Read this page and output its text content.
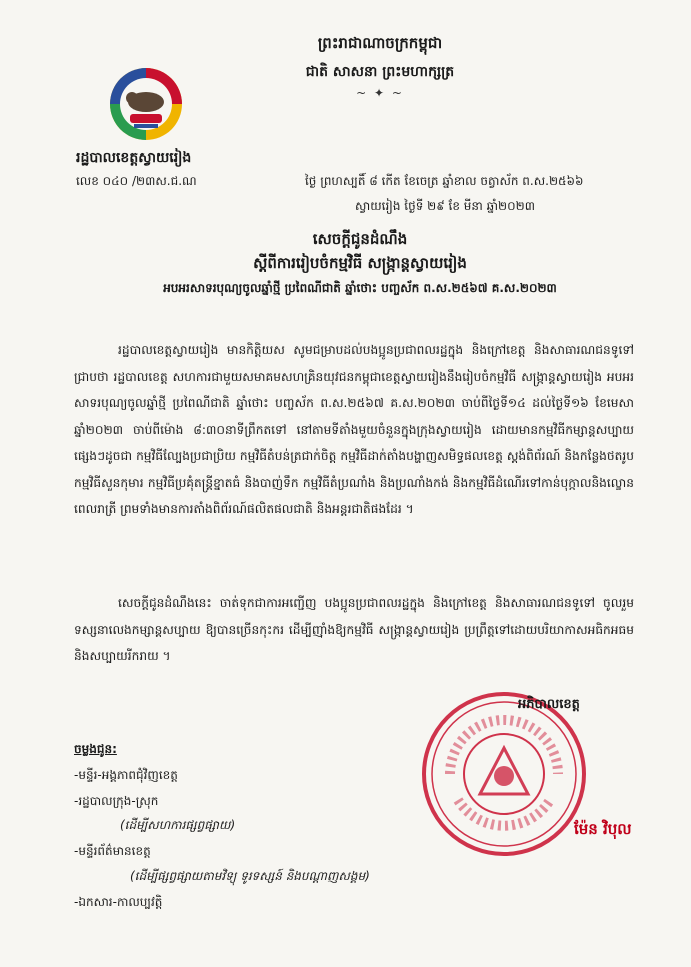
ព្រះរាជាណាចក្រកម្ពុជា
ជាតិ សាសនា ព្រះមហាក្សត្រ
~ ✦ ~
រដ្ឋបាលខេត្តស្វាយរៀង
លេខ ០៤០ /២៣ស.ជ.ណ	ថ្ងៃ ព្រហស្បតិ៍ ៨ កើត ខែចេត្រ ឆ្នាំខាល ចត្វាស័ក ព.ស.២៥៦៦
ស្វាយរៀង ថ្ងៃទី ២៩ ខែ មីនា ឆ្នាំ២០២៣
សេចក្តីជូនដំណឹង
ស្តីពីការរៀបចំកម្មវិធី សង្ក្រាន្តស្វាយរៀង
អបអរសាទរបុណ្យចូលឆ្នាំថ្មី ប្រពៃណីជាតិ ឆ្នាំថោះ បញ្ចស័ក ព.ស.២៥៦៧ គ.ស.២០២៣
រដ្ឋបាលខេត្តស្វាយរៀង មានកិត្តិយស សូមជម្រាបដល់បងប្អូនប្រជាពលរដ្ឋក្នុង និងក្រៅខេត្ត និងសាធារណជនទូទៅ ជ្រាបថា រដ្ឋបាលខេត្ត សហការជាមួយសមាគមសហគ្រិនយុវជនកម្ពុជាខេត្តស្វាយរៀងនឹងរៀបចំកម្មវិធី សង្ក្រាន្តស្វាយរៀង អបអរសាទរបុណ្យចូលឆ្នាំថ្មី ប្រពៃណីជាតិ ឆ្នាំថោះ បញ្ចស័ក ព.ស.២៥៦៧ គ.ស.២០២៣ ចាប់ពីថ្ងៃទី១៤ ដល់ថ្ងៃទី១៦ ខែមេសា ឆ្នាំ២០២៣ ចាប់ពីម៉ោង ៨:៣០នាទីព្រឹកតទៅ នៅតាមទីតាំងមួយចំនួនក្នុងក្រុងស្វាយរៀង ដោយមានកម្មវិធីកម្សាន្តសប្បាយផ្សេងៗដូចជា កម្មវិធីល្បែងប្រជាប្រិយ កម្មវិធីតំបន់ត្រជាក់ចិត្ត កម្មវិធីដាក់តាំងបង្ហាញសមិទ្ធផលខេត្ត ស្តង់ពិព័រណ៍ និងកន្លែងថតរូប កម្មវិធីសួនកុមារ កម្មវិធីប្រគុំតន្ត្រីខ្នាតធំ និងបាញ់ទឹក កម្មវិធីតំប្រណាំង និងប្រណាំងកង់ និងកម្មវិធីដំណើរទៅកាន់បុក្កាលនិងល្ខោនពេលរាត្រី ព្រមទាំងមានការតាំងពិព័រណ៍ផលិតផលជាតិ និងអន្តរជាតិផងដែរ ។
សេចក្តីជូនដំណឹងនេះ ចាត់ទុកជាការអញ្ជើញ បងប្អូនប្រជាពលរដ្ឋក្នុង និងក្រៅខេត្ត និងសាធារណជនទូទៅ ចូលរួមទស្សនាលេងកម្សាន្តសប្បាយ ឱ្យបានច្រើនកុះករ ដើម្បីញ៉ាំងឱ្យកម្មវិធី សង្ក្រាន្តស្វាយរៀង ប្រព្រឹត្តទៅដោយបរិយាកាសអធិកអធម និងសប្បាយរីករាយ ។
អភិបាលខេត្ត
ម៉ែន វិបុល
ចម្លងជូន:
-មន្ទីរ-អង្គភាពជុំវិញខេត្ត
-រដ្ឋបាលក្រុង-ស្រុក
(ដើម្បីសហការផ្សព្វផ្សាយ)
-មន្ទីរព័ត៌មានខេត្ត
(ដើម្បីផ្សព្វផ្សាយតាមវិទ្យុ ទូរទស្សន៍ និងបណ្តាញសង្គម)
-ឯកសារ-កាលប្បវត្តិ
